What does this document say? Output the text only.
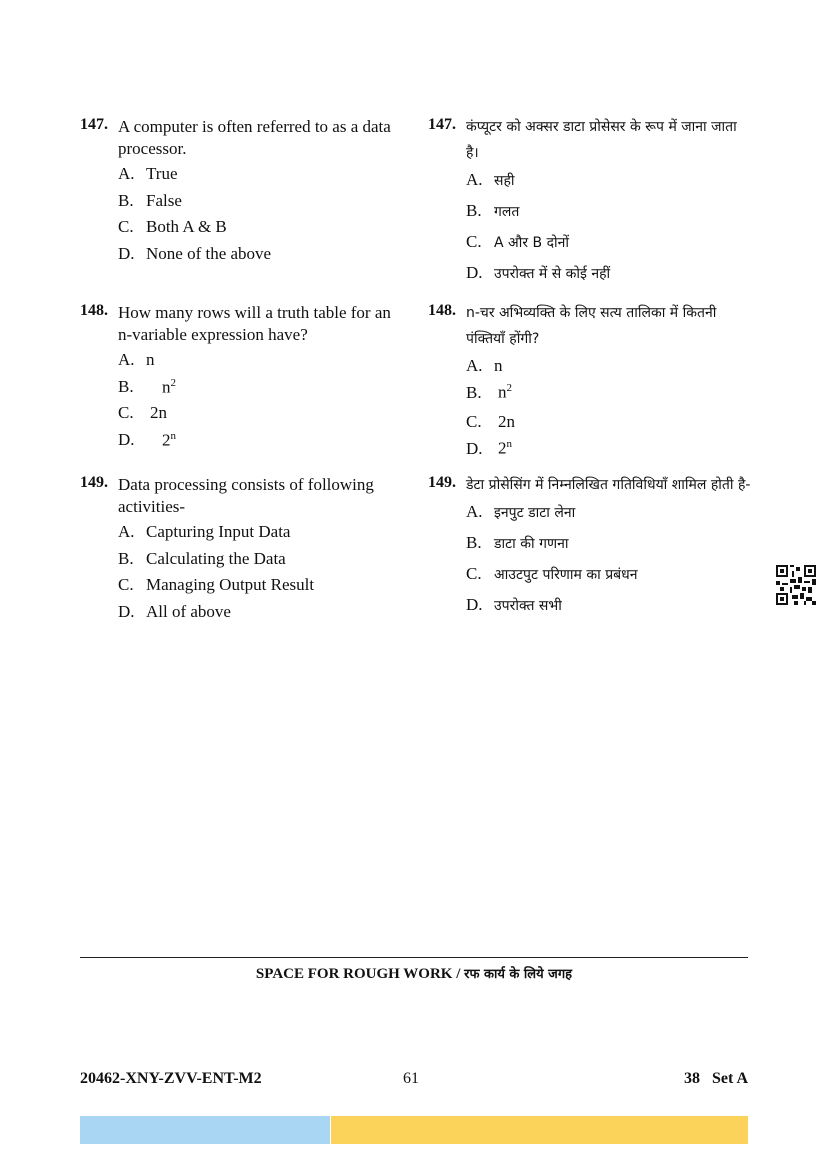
147. A computer is often referred to as a data processor.
A. True
B. False
C. Both A & B
D. None of the above
148. How many rows will a truth table for an n-variable expression have?
A. n
B.	$n^2$
C. 2n
D.	2$^n$
149. Data processing consists of following activities-
A. Capturing Input Data
B. Calculating the Data
C. Managing Output Result
D. All of above
147. कंप्यूटर को अक्सर डाटा प्रोसेसर के रूप में जाना जाता है।
A. सही
B. गलत
C. A और B दोनों
D. उपरोक्त में से कोई नहीं
148. n-चर अभिव्यक्ति के लिए सत्य तालिका में कितनी पंक्तियाँ होंगी?
A. n
B. $n^2$
C. 2n
D. 2$^n$
149. डेटा प्रोसेसिंग में निम्नलिखित गतिविधियाँ शामिल होती है-
A. इनपुट डाटा लेना
B. डाटा की गणना
C. आउटपुट परिणाम का प्रबंधन
D. उपरोक्त सभी
SPACE FOR ROUGH WORK / रफ कार्य के लिये जगह
20462-XNY-ZVV-ENT-M2	61	38   Set A
